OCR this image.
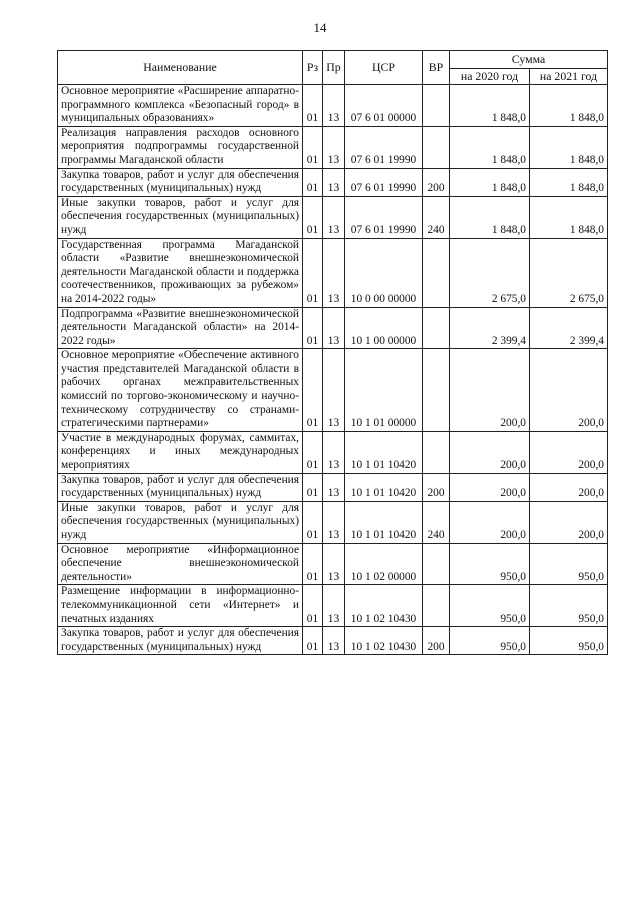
14
Наименование	Рз	Пр	ЦСР	ВР	Сумма	
					на 2020 год	на 2021 год
Основное мероприятие «Расширение аппаратно-программного комплекса «Безопасный город» в муниципальных образованиях»	01	13	07 6 01 00000		1 848,0	1 848,0
Реализация направления расходов основного мероприятия подпрограммы государственной программы Магаданской области	01	13	07 6 01 19990		1 848,0	1 848,0
Закупка товаров, работ и услуг для обеспечения государственных (муниципальных) нужд	01	13	07 6 01 19990	200	1 848,0	1 848,0
Иные закупки товаров, работ и услуг для обеспечения государственных (муниципальных) нужд	01	13	07 6 01 19990	240	1 848,0	1 848,0
Государственная программа Магаданской области «Развитие внешнеэкономической деятельности Магаданской области и поддержка соотечественников, проживающих за рубежом» на 2014-2022 годы»	01	13	10 0 00 00000		2 675,0	2 675,0
Подпрограмма «Развитие внешнеэкономической деятельности Магаданской области» на 2014-2022 годы»	01	13	10 1 00 00000		2 399,4	2 399,4
Основное мероприятие «Обеспечение активного участия представителей Магаданской области в рабочих органах межправительственных комиссий по торгово-экономическому и научно-техническому сотрудничеству со странами-стратегическими партнерами»	01	13	10 1 01 00000		200,0	200,0
Участие в международных форумах, саммитах, конференциях и иных международных мероприятиях	01	13	10 1 01 10420		200,0	200,0
Закупка товаров, работ и услуг для обеспечения государственных (муниципальных) нужд	01	13	10 1 01 10420	200	200,0	200,0
Иные закупки товаров, работ и услуг для обеспечения государственных (муниципальных) нужд	01	13	10 1 01 10420	240	200,0	200,0
Основное мероприятие «Информационное обеспечение внешнеэкономической деятельности»	01	13	10 1 02 00000		950,0	950,0
Размещение информации в информационно-телекоммуникационной сети «Интернет» и печатных изданиях	01	13	10 1 02 10430		950,0	950,0
Закупка товаров, работ и услуг для обеспечения государственных (муниципальных) нужд	01	13	10 1 02 10430	200	950,0	950,0
